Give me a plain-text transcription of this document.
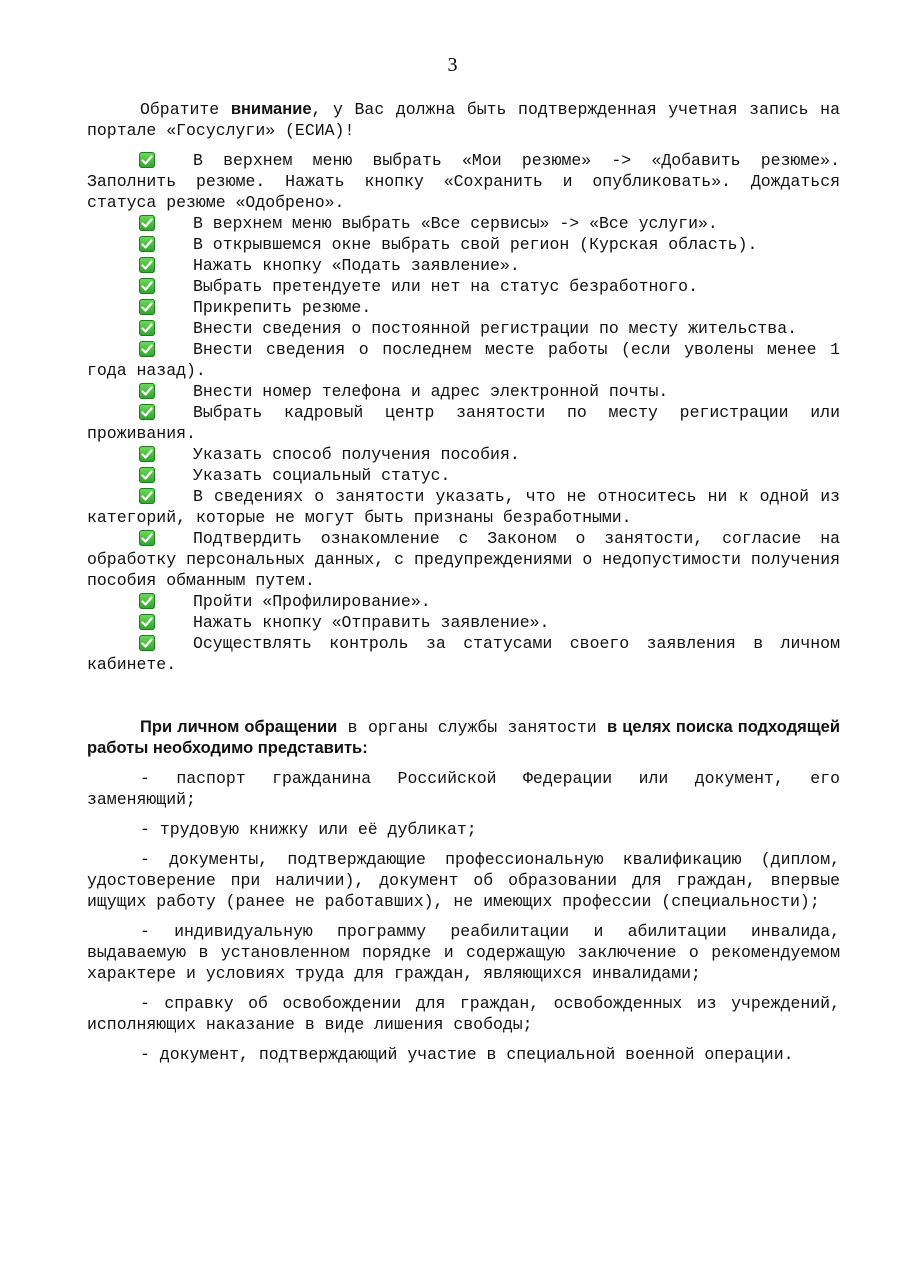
3

Обратите внимание, у Вас должна быть подтвержденная учетная запись на портале «Госуслуги» (ЕСИА)!

В верхнем меню выбрать «Мои резюме» -> «Добавить резюме». Заполнить резюме. Нажать кнопку «Сохранить и опубликовать». Дождаться статуса резюме «Одобрено».

В верхнем меню выбрать «Все сервисы» -> «Все услуги».

В открывшемся окне выбрать свой регион (Курская область).

Нажать кнопку «Подать заявление».

Выбрать претендуете или нет на статус безработного.

Прикрепить резюме.

Внести сведения о постоянной регистрации по месту жительства.

Внести сведения о последнем месте работы (если уволены менее 1 года назад).

Внести номер телефона и адрес электронной почты.

Выбрать кадровый центр занятости по месту регистрации или проживания.

Указать способ получения пособия.

Указать социальный статус.

В сведениях о занятости указать, что не относитесь ни к одной из категорий, которые не могут быть признаны безработными.

Подтвердить ознакомление с Законом о занятости, согласие на обработку персональных данных, с предупреждениями о недопустимости получения пособия обманным путем.

Пройти «Профилирование».

Нажать кнопку «Отправить заявление».

Осуществлять контроль за статусами своего заявления в личном кабинете.

При личном обращении в органы службы занятости в целях поиска подходящей работы необходимо представить:

- паспорт гражданина Российской Федерации или документ, его заменяющий;

- трудовую книжку или её дубликат;

- документы, подтверждающие профессиональную квалификацию (диплом, удостоверение при наличии), документ об образовании для граждан, впервые ищущих работу (ранее не работавших), не имеющих профессии (специальности);

- индивидуальную программу реабилитации и абилитации инвалида, выдаваемую в установленном порядке и содержащую заключение о рекомендуемом характере и условиях труда для граждан, являющихся инвалидами;

- справку об освобождении для граждан, освобожденных из учреждений, исполняющих наказание в виде лишения свободы;

- документ, подтверждающий участие в специальной военной операции.
